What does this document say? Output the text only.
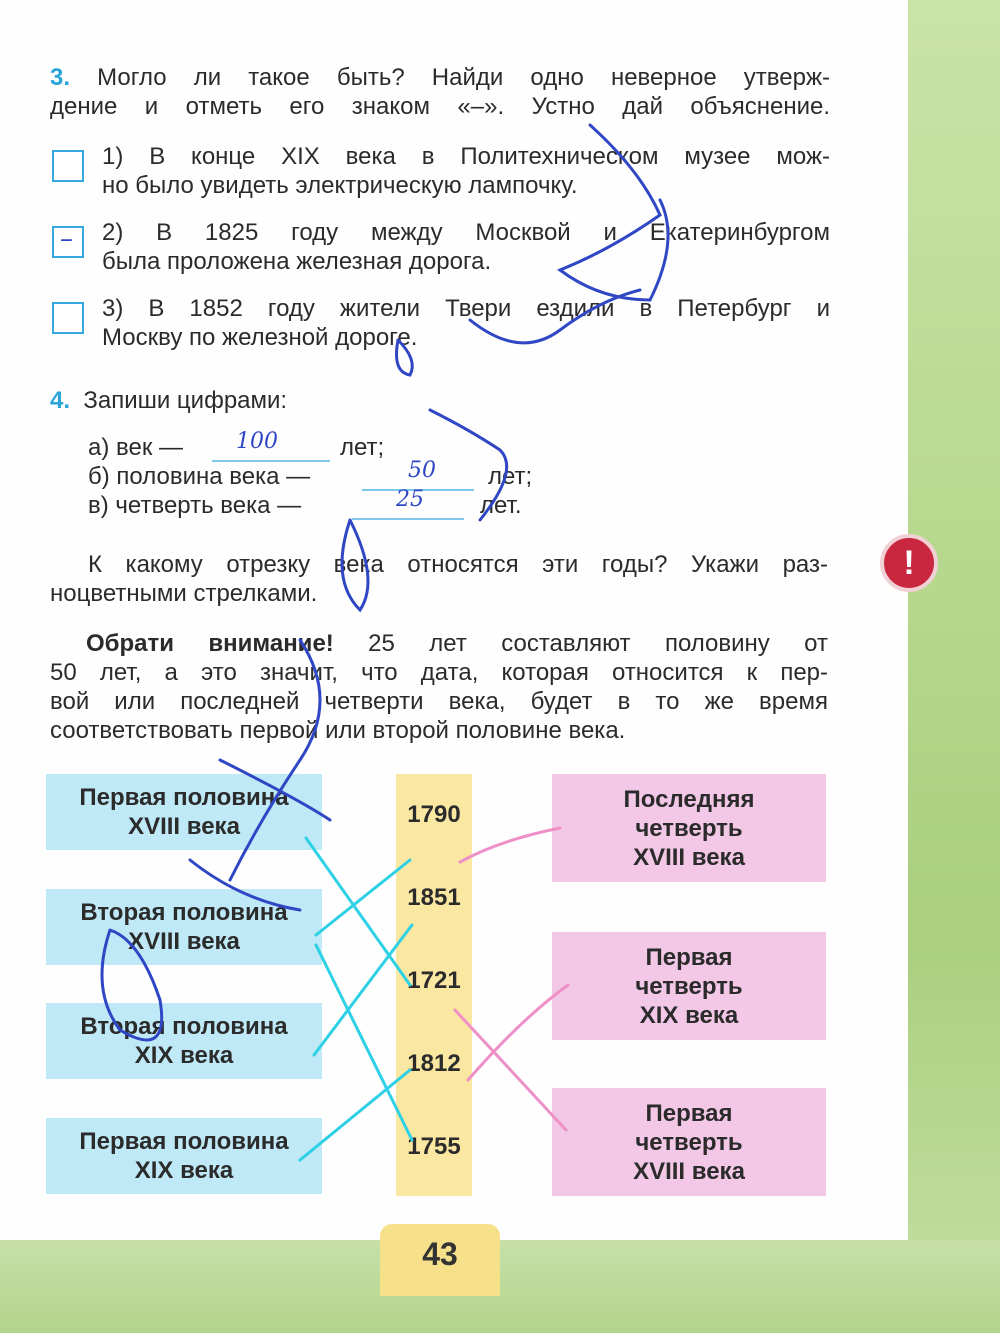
3. Могло ли такое быть? Найди одно неверное утверж-
дение и отметь его знаком «–». Устно дай объяснение.
1) В конце XIX века в Политехническом музее мож-
но было увидеть электрическую лампочку.
– 2) В 1825 году между Москвой и Екатеринбургом
была проложена железная дорога.
3) В 1852 году жители Твери ездили в Петербург и
Москву по железной дороге.
4. Запиши цифрами:
а) век — 100	лет;
б) половина века —	50 лет;
в) четверть века —	25 лет.
К какому отрезку века относятся эти годы? Укажи раз-
ноцветными стрелками.
Обрати внимание! 25 лет составляют половину от
50 лет, а это значит, что дата, которая относится к пер-
вой или последней четверти века, будет в то же время
соответствовать первой или второй половине века.
!
Первая половина
XVIII века
Вторая половина
XVIII века
Вторая половина
XIX века
Первая половина
XIX века
1790
1851
1721
1812
1755
Последняя
четверть
XVIII века
Первая
четверть
XIX века
Первая
четверть
XVIII века
43
